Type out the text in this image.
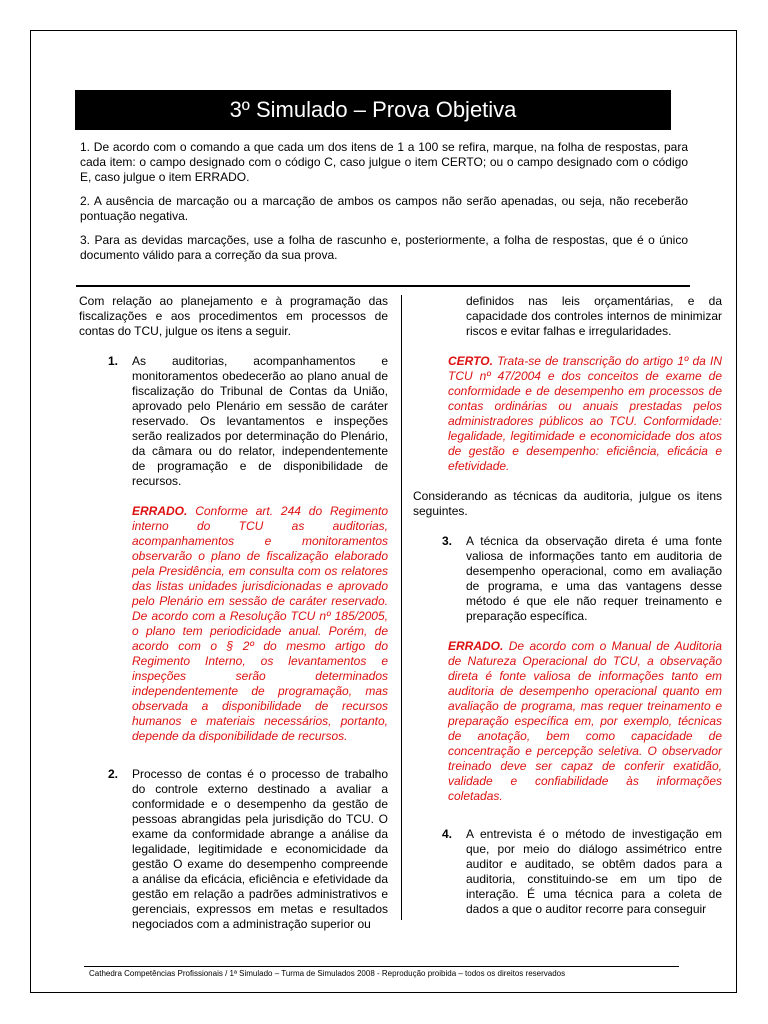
3º Simulado – Prova Objetiva

1. De acordo com o comando a que cada um dos itens de 1 a 100 se refira, marque, na folha de respostas, para cada item: o campo designado com o código C, caso julgue o item CERTO; ou o campo designado com o código E, caso julgue o item ERRADO.

2. A ausência de marcação ou a marcação de ambos os campos não serão apenadas, ou seja, não receberão pontuação negativa.

3. Para as devidas marcações, use a folha de rascunho e, posteriormente, a folha de respostas, que é o único documento válido para a correção da sua prova.

Com relação ao planejamento e à programação das fiscalizações e aos procedimentos em processos de contas do TCU, julgue os itens a seguir.

1. As auditorias, acompanhamentos e monitoramentos obedecerão ao plano anual de fiscalização do Tribunal de Contas da União, aprovado pelo Plenário em sessão de caráter reservado. Os levantamentos e inspeções serão realizados por determinação do Plenário, da câmara ou do relator, independentemente de programação e de disponibilidade de recursos.

ERRADO. Conforme art. 244 do Regimento interno do TCU as auditorias, acompanhamentos e monitoramentos observarão o plano de fiscalização elaborado pela Presidência, em consulta com os relatores das listas unidades jurisdicionadas e aprovado pelo Plenário em sessão de caráter reservado. De acordo com a Resolução TCU nº 185/2005, o plano tem periodicidade anual. Porém, de acordo com o § 2º do mesmo artigo do Regimento Interno, os levantamentos e inspeções serão determinados independentemente de programação, mas observada a disponibilidade de recursos humanos e materiais necessários, portanto, depende da disponibilidade de recursos.

2. Processo de contas é o processo de trabalho do controle externo destinado a avaliar a conformidade e o desempenho da gestão de pessoas abrangidas pela jurisdição do TCU. O exame da conformidade abrange a análise da legalidade, legitimidade e economicidade da gestão O exame do desempenho compreende a análise da eficácia, eficiência e efetividade da gestão em relação a padrões administrativos e gerenciais, expressos em metas e resultados negociados com a administração superior ou

definidos nas leis orçamentárias, e da capacidade dos controles internos de minimizar riscos e evitar falhas e irregularidades.

CERTO. Trata-se de transcrição do artigo 1º da IN TCU nº 47/2004 e dos conceitos de exame de conformidade e de desempenho em processos de contas ordinárias ou anuais prestadas pelos administradores públicos ao TCU. Conformidade: legalidade, legitimidade e economicidade dos atos de gestão e desempenho: eficiência, eficácia e efetividade.

Considerando as técnicas da auditoria, julgue os itens seguintes.

3. A técnica da observação direta é uma fonte valiosa de informações tanto em auditoria de desempenho operacional, como em avaliação de programa, e uma das vantagens desse método é que ele não requer treinamento e preparação específica.

ERRADO. De acordo com o Manual de Auditoria de Natureza Operacional do TCU, a observação direta é fonte valiosa de informações tanto em auditoria de desempenho operacional quanto em avaliação de programa, mas requer treinamento e preparação específica em, por exemplo, técnicas de anotação, bem como capacidade de concentração e percepção seletiva. O observador treinado deve ser capaz de conferir exatidão, validade e confiabilidade às informações coletadas.

4. A entrevista é o método de investigação em que, por meio do diálogo assimétrico entre auditor e auditado, se obtêm dados para a auditoria, constituindo-se em um tipo de interação. É uma técnica para a coleta de dados a que o auditor recorre para conseguir

Cathedra Competências Profissionais / 1ª Simulado – Turma de Simulados 2008 - Reprodução proibida – todos os direitos reservados
